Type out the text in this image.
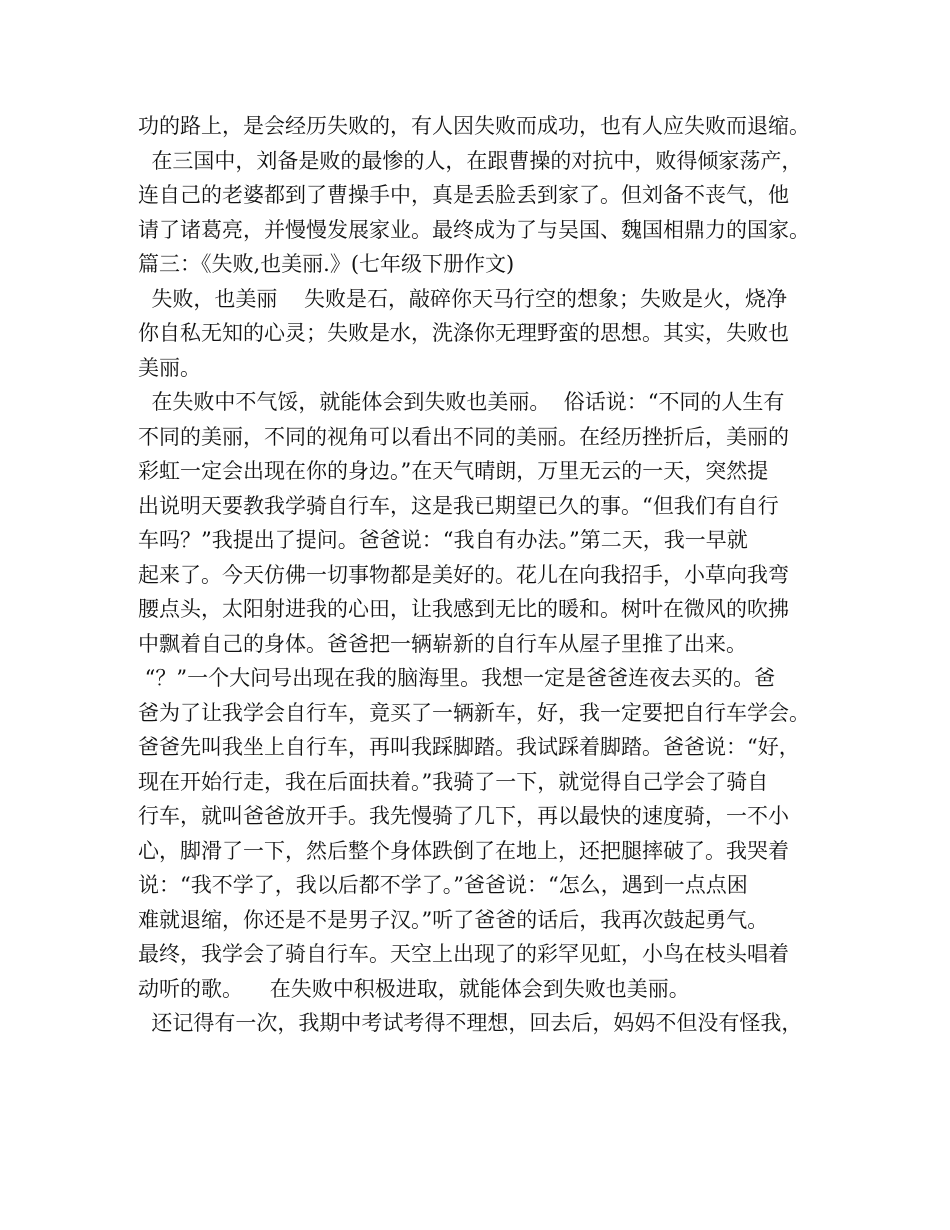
功的路上，是会经历失败的，有人因失败而成功，也有人应失败而退缩。
在三国中，刘备是败的最惨的人，在跟曹操的对抗中，败得倾家荡产，
连自己的老婆都到了曹操手中，真是丢脸丢到家了。但刘备不丧气，他
请了诸葛亮，并慢慢发展家业。最终成为了与吴国、魏国相鼎力的国家。
篇三：《失败,也美丽.》(七年级下册作文)
失败，也美丽    失败是石，敲碎你天马行空的想象；失败是火，烧净
你自私无知的心灵；失败是水，洗涤你无理野蛮的思想。其实，失败也
美丽。
在失败中不气馁，就能体会到失败也美丽。  俗话说：“不同的人生有
不同的美丽，不同的视角可以看出不同的美丽。在经历挫折后，美丽的
彩虹一定会出现在你的身边。”在天气晴朗，万里无云的一天，突然提
出说明天要教我学骑自行车，这是我已期望已久的事。“但我们有自行
车吗？”我提出了提问。爸爸说：“我自有办法。”第二天，我一早就
起来了。今天仿佛一切事物都是美好的。花儿在向我招手，小草向我弯
腰点头，太阳射进我的心田，让我感到无比的暖和。树叶在微风的吹拂
中飘着自己的身体。爸爸把一辆崭新的自行车从屋子里推了出来。
“？”一个大问号出现在我的脑海里。我想一定是爸爸连夜去买的。爸
爸为了让我学会自行车，竟买了一辆新车，好，我一定要把自行车学会。
爸爸先叫我坐上自行车，再叫我踩脚踏。我试踩着脚踏。爸爸说：“好，
现在开始行走，我在后面扶着。”我骑了一下，就觉得自己学会了骑自
行车，就叫爸爸放开手。我先慢骑了几下，再以最快的速度骑，一不小
心，脚滑了一下，然后整个身体跌倒了在地上，还把腿摔破了。我哭着
说：“我不学了，我以后都不学了。”爸爸说：“怎么，遇到一点点困
难就退缩，你还是不是男子汉。”听了爸爸的话后，我再次鼓起勇气。
最终，我学会了骑自行车。天空上出现了的彩罕见虹，小鸟在枝头唱着
动听的歌。    在失败中积极进取，就能体会到失败也美丽。
还记得有一次，我期中考试考得不理想，回去后，妈妈不但没有怪我，
